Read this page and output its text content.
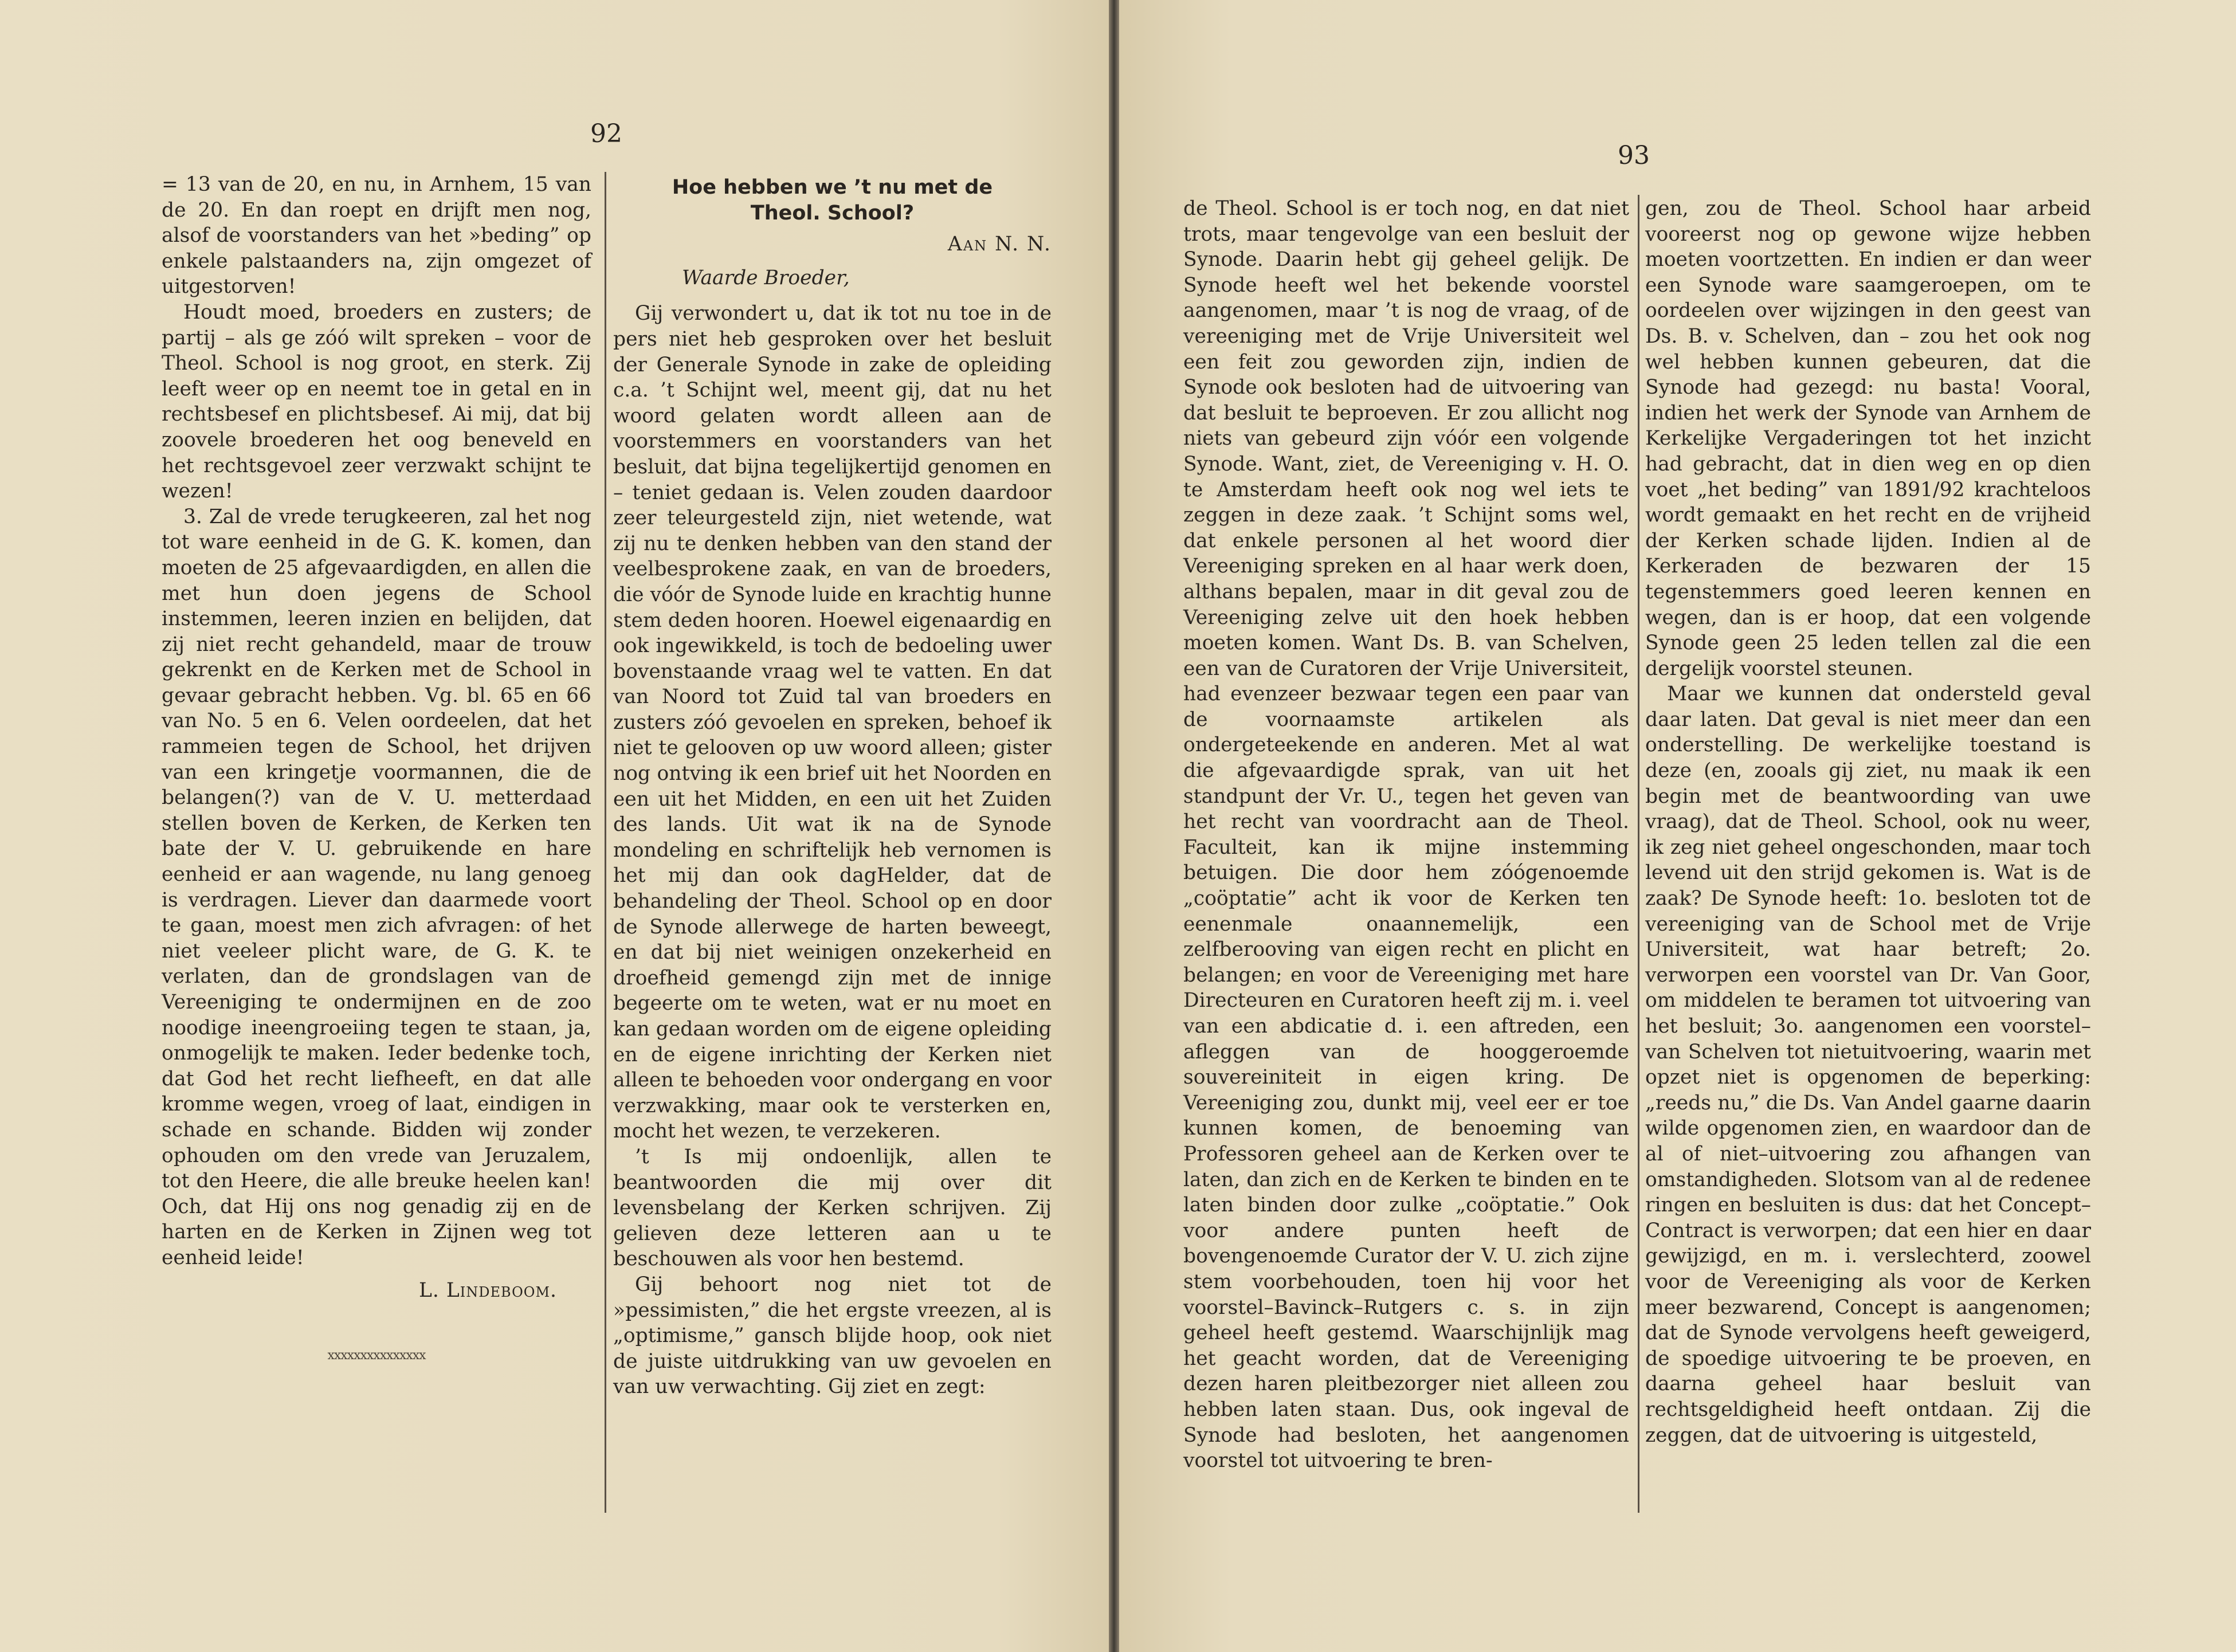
92

= 13 van de 20, en nu, in Arnhem, 15 van de 20. En dan roept en drijft men nog, alsof de voorstanders van het »beding” op enkele palstaanders na, zijn omgezet of uitgestorven!

Houdt moed, broeders en zusters; de partij – als ge zóó wilt spreken – voor de Theol. School is nog groot, en sterk. Zij leeft weer op en neemt toe in getal en in rechtsbesef en plichtsbesef. Ai mij, dat bij zoovele broederen het oog beneveld en het rechtsgevoel zeer verzwakt schijnt te wezen!

3. Zal de vrede terugkeeren, zal het nog tot ware eenheid in de G. K. komen, dan moeten de 25 afgevaardigden, en allen die met hun doen jegens de School instemmen, leeren inzien en belijden, dat zij niet recht gehandeld, maar de trouw gekrenkt en de Kerken met de School in gevaar gebracht hebben. Vg. bl. 65 en 66 van No. 5 en 6. Velen oordeelen, dat het rammeien tegen de School, het drijven van een kringetje voormannen, die de belangen(?) van de V. U. metterdaad stellen boven de Kerken, de Kerken ten bate der V. U. gebruikende en hare eenheid er aan wagende, nu lang genoeg is verdragen. Liever dan daarmede voort te gaan, moest men zich afvragen: of het niet veeleer plicht ware, de G. K. te verlaten, dan de grondslagen van de Vereeniging te ondermijnen en de zoo noodige ineengroeiing tegen te staan, ja, onmogelijk te maken. Ieder bedenke toch, dat God het recht liefheeft, en dat alle kromme wegen, vroeg of laat, eindigen in schade en schande. Bidden wij zonder ophouden om den vrede van Jeruzalem, tot den Heere, die alle breuke heelen kan! Och, dat Hij ons nog genadig zij en de harten en de Kerken in Zijnen weg tot eenheid leide!

L. Lindeboom.
xxxxxxxxxxxxxxx
Hoe hebben we ’t nu met de
Theol. School?
Aan N. N.
Waarde Broeder,

Gij verwondert u, dat ik tot nu toe in de pers niet heb gesproken over het besluit der Generale Synode in zake de opleiding c.a. ’t Schijnt wel, meent gij, dat nu het woord gelaten wordt alleen aan de voorstemmers en voorstanders van het besluit, dat bijna tegelijkertijd genomen en – teniet gedaan is. Velen zouden daardoor zeer teleurgesteld zijn, niet wetende, wat zij nu te denken hebben van den stand der veelbesprokene zaak, en van de broeders, die vóór de Synode luide en krachtig hunne stem deden hooren. Hoewel eigenaardig en ook ingewikkeld, is toch de bedoeling uwer bovenstaande vraag wel te vatten. En dat van Noord tot Zuid tal van broeders en zusters zóó gevoelen en spreken, behoef ik niet te gelooven op uw woord alleen; gister nog ontving ik een brief uit het Noorden en een uit het Midden, en een uit het Zuiden des lands. Uit wat ik na de Synode mondeling en schriftelijk heb vernomen is het mij dan ook dagHelder, dat de behandeling der Theol. School op en door de Synode allerwege de harten beweegt, en dat bij niet weinigen onzekerheid en droefheid gemengd zijn met de innige begeerte om te weten, wat er nu moet en kan gedaan worden om de eigene opleiding en de eigene inrichting der Kerken niet alleen te behoeden voor ondergang en voor verzwakking, maar ook te versterken en, mocht het wezen, te verzekeren.

’t Is mij ondoenlijk, allen te beantwoorden die mij over dit levensbelang der Kerken schrijven. Zij gelieven deze letteren aan u te beschouwen als voor hen bestemd.

Gij behoort nog niet tot de »pessimisten,” die het ergste vreezen, al is „optimisme,” gansch blijde hoop, ook niet de juiste uitdrukking van uw gevoelen en van uw verwachting. Gij ziet en zegt:

93

de Theol. School is er toch nog, en dat niet trots, maar tengevolge van een besluit der Synode. Daarin hebt gij geheel gelijk. De Synode heeft wel het bekende voorstel aangenomen, maar ’t is nog de vraag, of de vereeniging met de Vrije Universiteit wel een feit zou geworden zijn, indien de Synode ook besloten had de uitvoering van dat besluit te beproeven. Er zou allicht nog niets van gebeurd zijn vóór een volgende Synode. Want, ziet, de Vereeniging v. H. O. te Amsterdam heeft ook nog wel iets te zeggen in deze zaak. ’t Schijnt soms wel, dat enkele personen al het woord dier Vereeniging spreken en al haar werk doen, althans bepalen, maar in dit geval zou de Vereeniging zelve uit den hoek hebben moeten komen. Want Ds. B. van Schelven, een van de Curatoren der Vrije Universiteit, had evenzeer bezwaar tegen een paar van de voornaamste artikelen als ondergeteekende en anderen. Met al wat die afgevaardigde sprak, van uit het standpunt der Vr. U., tegen het geven van het recht van voordracht aan de Theol. Faculteit, kan ik mijne instemming betuigen. Die door hem zóógenoemde „coöptatie” acht ik voor de Kerken ten eenenmale onaannemelijk, een zelfberooving van eigen recht en plicht en belangen; en voor de Vereeniging met hare Directeuren en Curatoren heeft zij m. i. veel van een abdicatie d. i. een aftreden, een afleggen van de hooggeroemde souvereiniteit in eigen kring. De Vereeniging zou, dunkt mij, veel eer er toe kunnen komen, de benoeming van Professoren geheel aan de Kerken over te laten, dan zich en de Kerken te binden en te laten binden door zulke „coöptatie.” Ook voor andere punten heeft de bovengenoemde Curator der V. U. zich zijne stem voorbehouden, toen hij voor het voorstel–Bavinck–Rutgers c. s. in zijn geheel heeft gestemd. Waarschijnlijk mag het geacht worden, dat de Vereeniging dezen haren pleitbezorger niet alleen zou hebben laten staan. Dus, ook ingeval de Synode had besloten, het aangenomen voorstel tot uitvoering te bren-

gen, zou de Theol. School haar arbeid vooreerst nog op gewone wijze hebben moeten voortzetten. En indien er dan weer een Synode ware saamgeroepen, om te oordeelen over wijzingen in den geest van Ds. B. v. Schelven, dan – zou het ook nog wel hebben kunnen gebeuren, dat die Synode had gezegd: nu basta! Vooral, indien het werk der Synode van Arnhem de Kerkelijke Vergaderingen tot het inzicht had gebracht, dat in dien weg en op dien voet „het beding” van 1891/92 krachteloos wordt gemaakt en het recht en de vrijheid der Kerken schade lijden. Indien al de Kerkeraden de bezwaren der 15 tegenstemmers goed leeren kennen en wegen, dan is er hoop, dat een volgende Synode geen 25 leden tellen zal die een dergelijk voorstel steunen.

Maar we kunnen dat ondersteld geval daar laten. Dat geval is niet meer dan een onderstelling. De werkelijke toestand is deze (en, zooals gij ziet, nu maak ik een begin met de beantwoording van uwe vraag), dat de Theol. School, ook nu weer, ik zeg niet geheel ongeschonden, maar toch levend uit den strijd gekomen is. Wat is de zaak? De Synode heeft: 1o. besloten tot de vereeniging van de School met de Vrije Universiteit, wat haar betreft; 2o. verworpen een voorstel van Dr. Van Goor, om middelen te beramen tot uitvoering van het besluit; 3o. aangenomen een voorstel–van Schelven tot nietuitvoering, waarin met opzet niet is opgenomen de beperking: „reeds nu,” die Ds. Van Andel gaarne daarin wilde opgenomen zien, en waardoor dan de al of niet–uitvoering zou afhangen van omstandigheden. Slotsom van al de redenee ringen en besluiten is dus: dat het Concept–Contract is verworpen; dat een hier en daar gewijzigd, en m. i. verslechterd, zoowel voor de Vereeniging als voor de Kerken meer bezwarend, Concept is aangenomen; dat de Synode vervolgens heeft geweigerd, de spoedige uitvoering te be proeven, en daarna geheel haar besluit van rechtsgeldigheid heeft ontdaan. Zij die zeggen, dat de uitvoering is uitgesteld,
